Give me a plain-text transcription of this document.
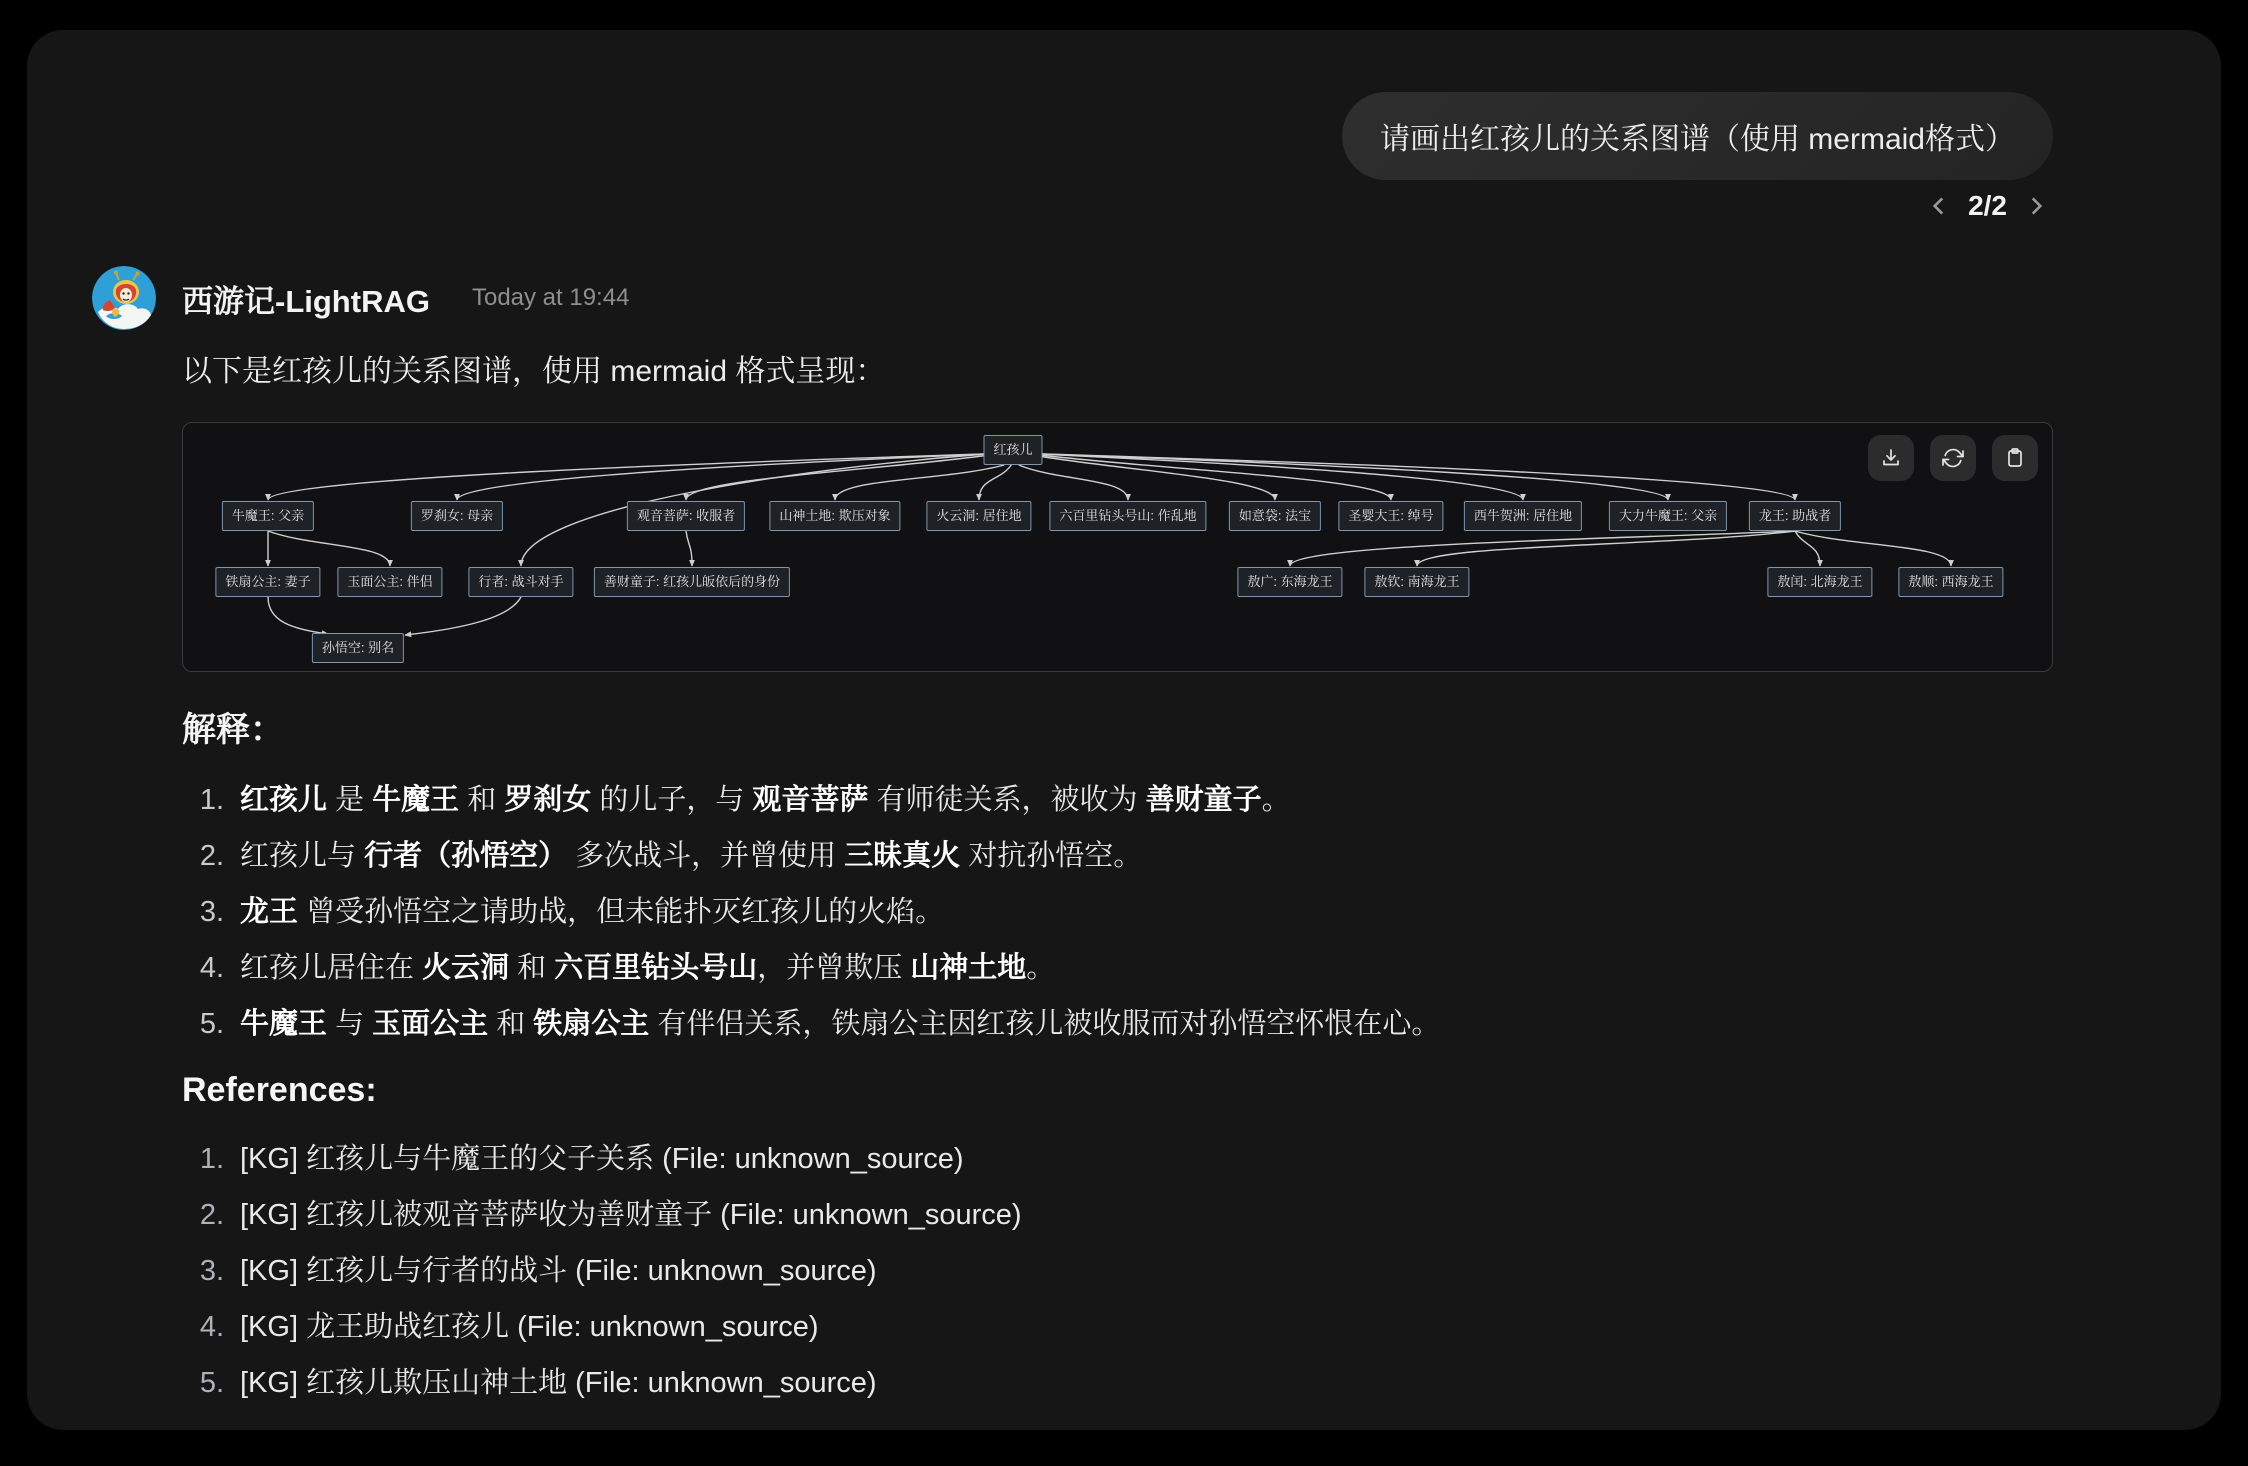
请画出红孩儿的关系图谱（使用 mermaid格式）
2/2
西游记-LightRAG Today at 19:44
以下是红孩儿的关系图谱，使用 mermaid 格式呈现：
红孩儿
牛魔王: 父亲	罗刹女: 母亲	观音菩萨: 收服者	山神土地: 欺压对象	火云洞: 居住地	六百里钻头号山: 作乱地	如意袋: 法宝	圣婴大王: 绰号	西牛贺洲: 居住地	大力牛魔王: 父亲	龙王: 助战者
铁扇公主: 妻子	玉面公主: 伴侣	行者: 战斗对手	善财童子: 红孩儿皈依后的身份	敖广: 东海龙王	敖钦: 南海龙王	敖闰: 北海龙王	敖顺: 西海龙王
孙悟空: 别名
解释：
1. 红孩儿 是 牛魔王 和 罗刹女 的儿子，与 观音菩萨 有师徒关系，被收为 善财童子。
2. 红孩儿与 行者（孙悟空） 多次战斗，并曾使用 三昧真火 对抗孙悟空。
3. 龙王 曾受孙悟空之请助战，但未能扑灭红孩儿的火焰。
4. 红孩儿居住在 火云洞 和 六百里钻头号山，并曾欺压 山神土地。
5. 牛魔王 与 玉面公主 和 铁扇公主 有伴侣关系，铁扇公主因红孩儿被收服而对孙悟空怀恨在心。
References:
1. [KG] 红孩儿与牛魔王的父子关系 (File: unknown_source)
2. [KG] 红孩儿被观音菩萨收为善财童子 (File: unknown_source)
3. [KG] 红孩儿与行者的战斗 (File: unknown_source)
4. [KG] 龙王助战红孩儿 (File: unknown_source)
5. [KG] 红孩儿欺压山神土地 (File: unknown_source)
